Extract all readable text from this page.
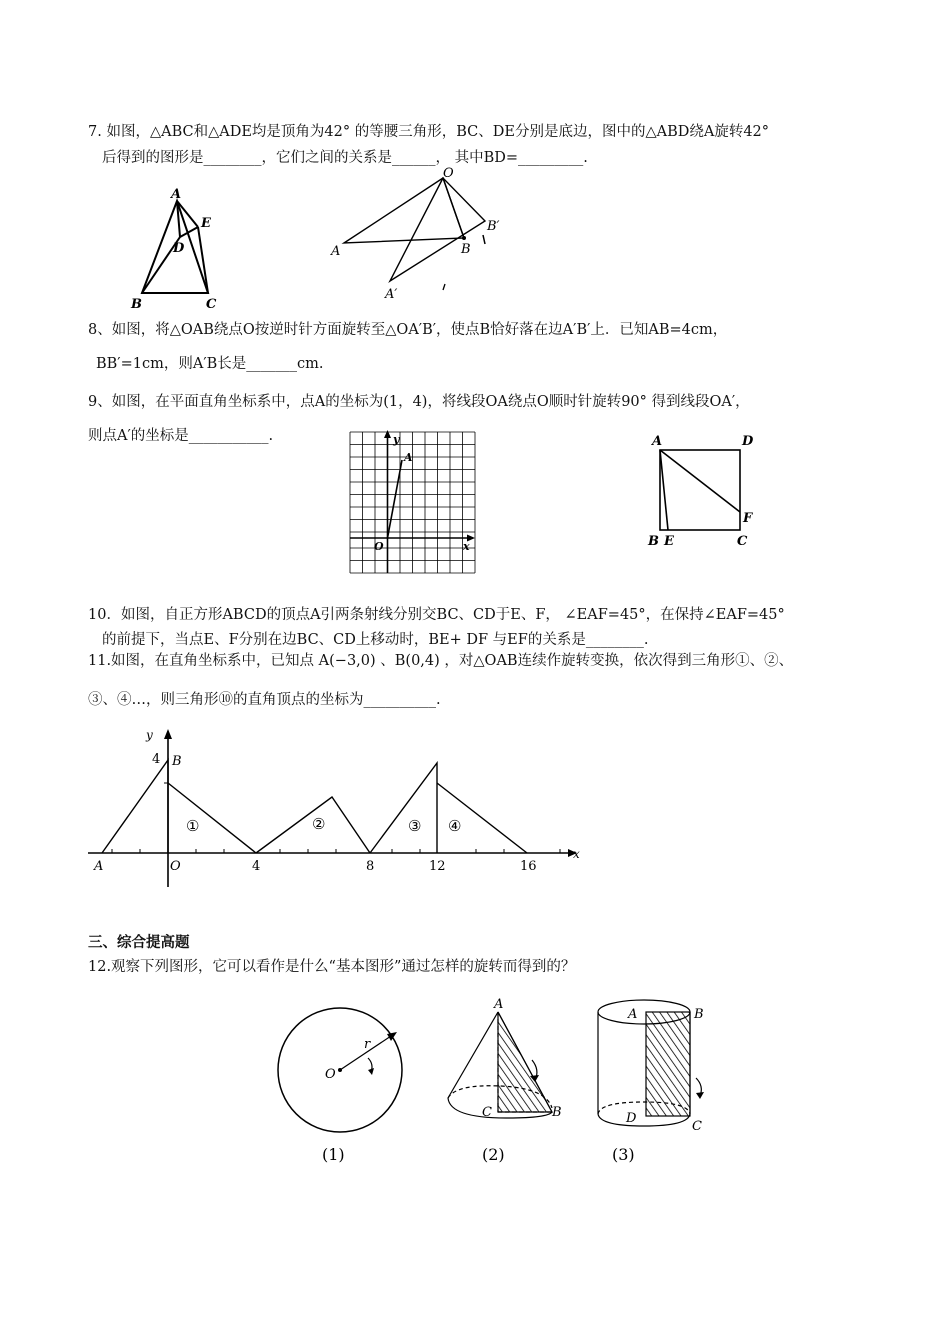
7. 如图，△ABC和△ADE均是顶角为42° 的等腰三角形，BC、DE分别是底边，图中的△ABD绕A旋转42°
后得到的图形是________，它们之间的关系是______， 其中BD=_________.
A
E
D
B	C
O
A	B
B′
A′
8、如图，将△OAB绕点O按逆时针方面旋转至△OA′B′，使点B恰好落在边A′B′上．已知AB=4cm，
BB′=1cm，则A′B长是_______cm.
9、如图，在平面直角坐标系中，点A的坐标为(1，4)，将线段OA绕点O顺时针旋转90° 得到线段OA′，
则点A′的坐标是___________.	y
A
O	x
A	D
F
B E	C
10．如图，自正方形ABCD的顶点A引两条射线分别交BC、CD于E、F， ∠EAF=45°，在保持∠EAF=45°
的前提下，当点E、F分别在边BC、CD上移动时，BE+ DF 与EF的关系是________.
11.如图，在直角坐标系中，已知点 A(−3,0) 、B(0,4) ，对△OAB连续作旋转变换，依次得到三角形①、②、
③、④…，则三角形⑩的直角顶点的坐标为__________.
y
4 B
A	O	4	8	12	16
x
①	②	③ ④
三、综合提高题
12.观察下列图形，它可以看作是什么“基本图形”通过怎样的旋转而得到的？
O
r
A
C	B
A	B
D
C
(1)	(2)	(3)
